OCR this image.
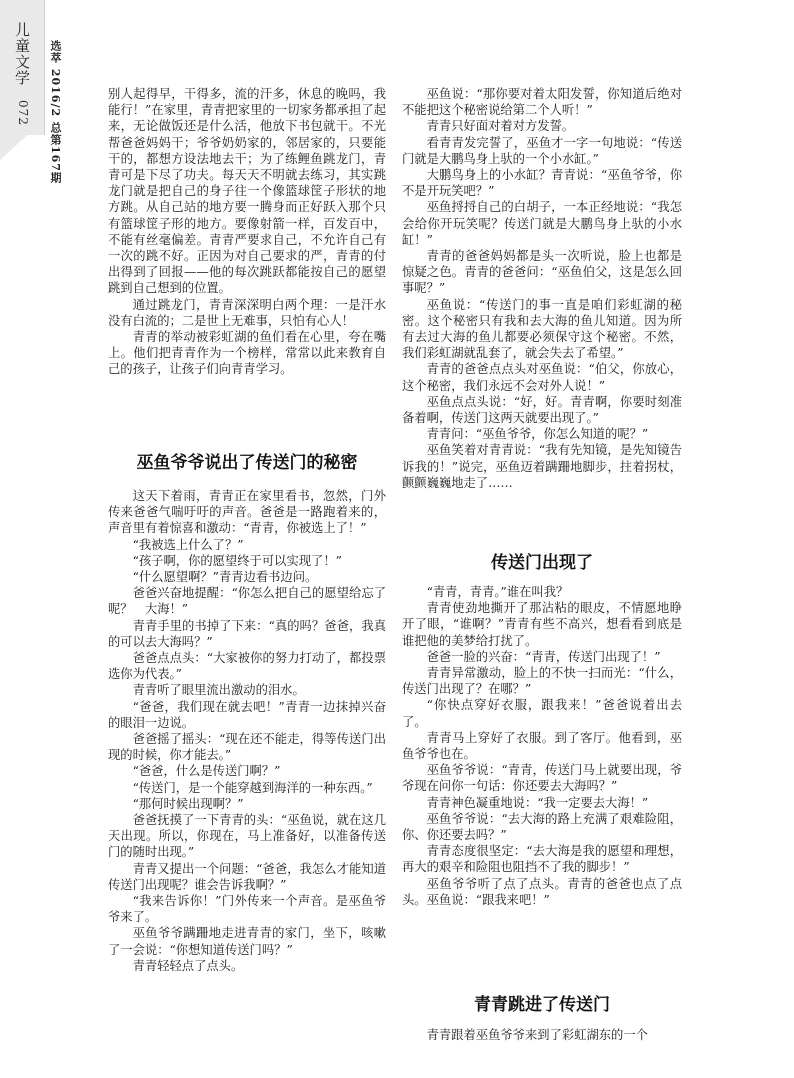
儿童文学
072 选萃 2016/2 总第167期	别人起得早，干得多，流的汗多，休息的晚吗，我能行！”在家里，青青把家里的一切家务都承担了起来，无论做饭还是什么活，他放下书包就干。不光帮爸爸妈妈干；爷爷奶奶家的，邻居家的，只要能干的，都想方设法地去干；为了练鲤鱼跳龙门，青青可是下尽了功夫。每天天不明就去练习，其实跳龙门就是把自己的身子往一个像篮球筐子形状的地方跳。从自己站的地方要一腾身而正好跃入那个只有篮球筐子形的地方。要像射箭一样，百发百中，不能有丝毫偏差。青青严要求自己，不允许自己有一次的跳不好。正因为对自己要求的严，青青的付出得到了回报——他的每次跳跃都能按自己的愿望跳到自己想到的位置。

通过跳龙门，青青深深明白两个理：一是汗水没有白流的；二是世上无难事，只怕有心人！

青青的举动被彩虹湖的鱼们看在心里，夸在嘴上。他们把青青作为一个榜样，常常以此来教育自己的孩子，让孩子们向青青学习。

巫鱼爷爷说出了传送门的秘密

这天下着雨，青青正在家里看书，忽然，门外传来爸爸气喘吁吁的声音。爸爸是一路跑着来的，声音里有着惊喜和激动：“青青，你被选上了！”

“我被选上什么了？”

“孩子啊，你的愿望终于可以实现了！”

“什么愿望啊？”青青边看书边问。

爸爸兴奋地提醒：“你怎么把自己的愿望给忘了呢？　大海！”

青青手里的书掉了下来：“真的吗？爸爸，我真的可以去大海吗？”

爸爸点点头：“大家被你的努力打动了，都投票选你为代表。”

青青听了眼里流出激动的泪水。

“爸爸，我们现在就去吧！”青青一边抹掉兴奋的眼泪一边说。

爸爸摇了摇头：“现在还不能走，得等传送门出现的时候，你才能去。”

“爸爸，什么是传送门啊？”

“传送门，是一个能穿越到海洋的一种东西。”

“那何时候出现啊？”

爸爸抚摸了一下青青的头：“巫鱼说，就在这几天出现。所以，你现在，马上准备好，以准备传送门的随时出现。”

青青又提出一个问题：“爸爸，我怎么才能知道传送门出现呢？谁会告诉我啊？”

“我来告诉你！”门外传来一个声音。是巫鱼爷爷来了。

巫鱼爷爷蹒跚地走进青青的家门，坐下，咳嗽了一会说：“你想知道传送门吗？”

青青轻轻点了点头。

巫鱼说：“那你要对着太阳发誓，你知道后绝对不能把这个秘密说给第二个人听！”

青青只好面对着对方发誓。

看青青发完誓了，巫鱼才一字一句地说：“传送门就是大鹏鸟身上驮的一个小水缸。”

大鹏鸟身上的小水缸？青青说：“巫鱼爷爷，你不是开玩笑吧？”

巫鱼捋捋自己的白胡子，一本正经地说：“我怎会给你开玩笑呢？传送门就是大鹏鸟身上驮的小水缸！”

青青的爸爸妈妈都是头一次听说，脸上也都是惊疑之色。青青的爸爸问：“巫鱼伯父，这是怎么回事呢？”

巫鱼说：“传送门的事一直是咱们彩虹湖的秘密。这个秘密只有我和去大海的鱼儿知道。因为所有去过大海的鱼儿都要必须保守这个秘密。不然，我们彩虹湖就乱套了，就会失去了希望。”

青青的爸爸点点头对巫鱼说：“伯父，你放心，这个秘密，我们永远不会对外人说！”

巫鱼点点头说：“好，好。青青啊，你要时刻准备着啊，传送门这两天就要出现了。”

青青问：“巫鱼爷爷，你怎么知道的呢？”

巫鱼笑着对青青说：“我有先知镜，是先知镜告诉我的！”说完，巫鱼迈着蹒跚地脚步，拄着拐杖，颤颤巍巍地走了……

传送门出现了

“青青，青青。”谁在叫我？

青青使劲地撕开了那沾粘的眼皮，不情愿地睁开了眼，“谁啊？”青青有些不高兴，想看看到底是谁把他的美梦给打扰了。

爸爸一脸的兴奋：“青青，传送门出现了！”

青青异常激动，脸上的不快一扫而光：“什么，传送门出现了？在哪？”

“你快点穿好衣服，跟我来！”爸爸说着出去了。

青青马上穿好了衣服。到了客厅。他看到，巫鱼爷爷也在。

巫鱼爷爷说：“青青，传送门马上就要出现，爷爷现在问你一句话：你还要去大海吗？”

青青神色凝重地说：“我一定要去大海！”

巫鱼爷爷说：“去大海的路上充满了艰难险阻，你、你还要去吗？”

青青态度很坚定：“去大海是我的愿望和理想，再大的艰辛和险阻也阻挡不了我的脚步！”

巫鱼爷爷听了点了点头。青青的爸爸也点了点头。巫鱼说：“跟我来吧！”

青青跳进了传送门

青青跟着巫鱼爷爷来到了彩虹湖东的一个
